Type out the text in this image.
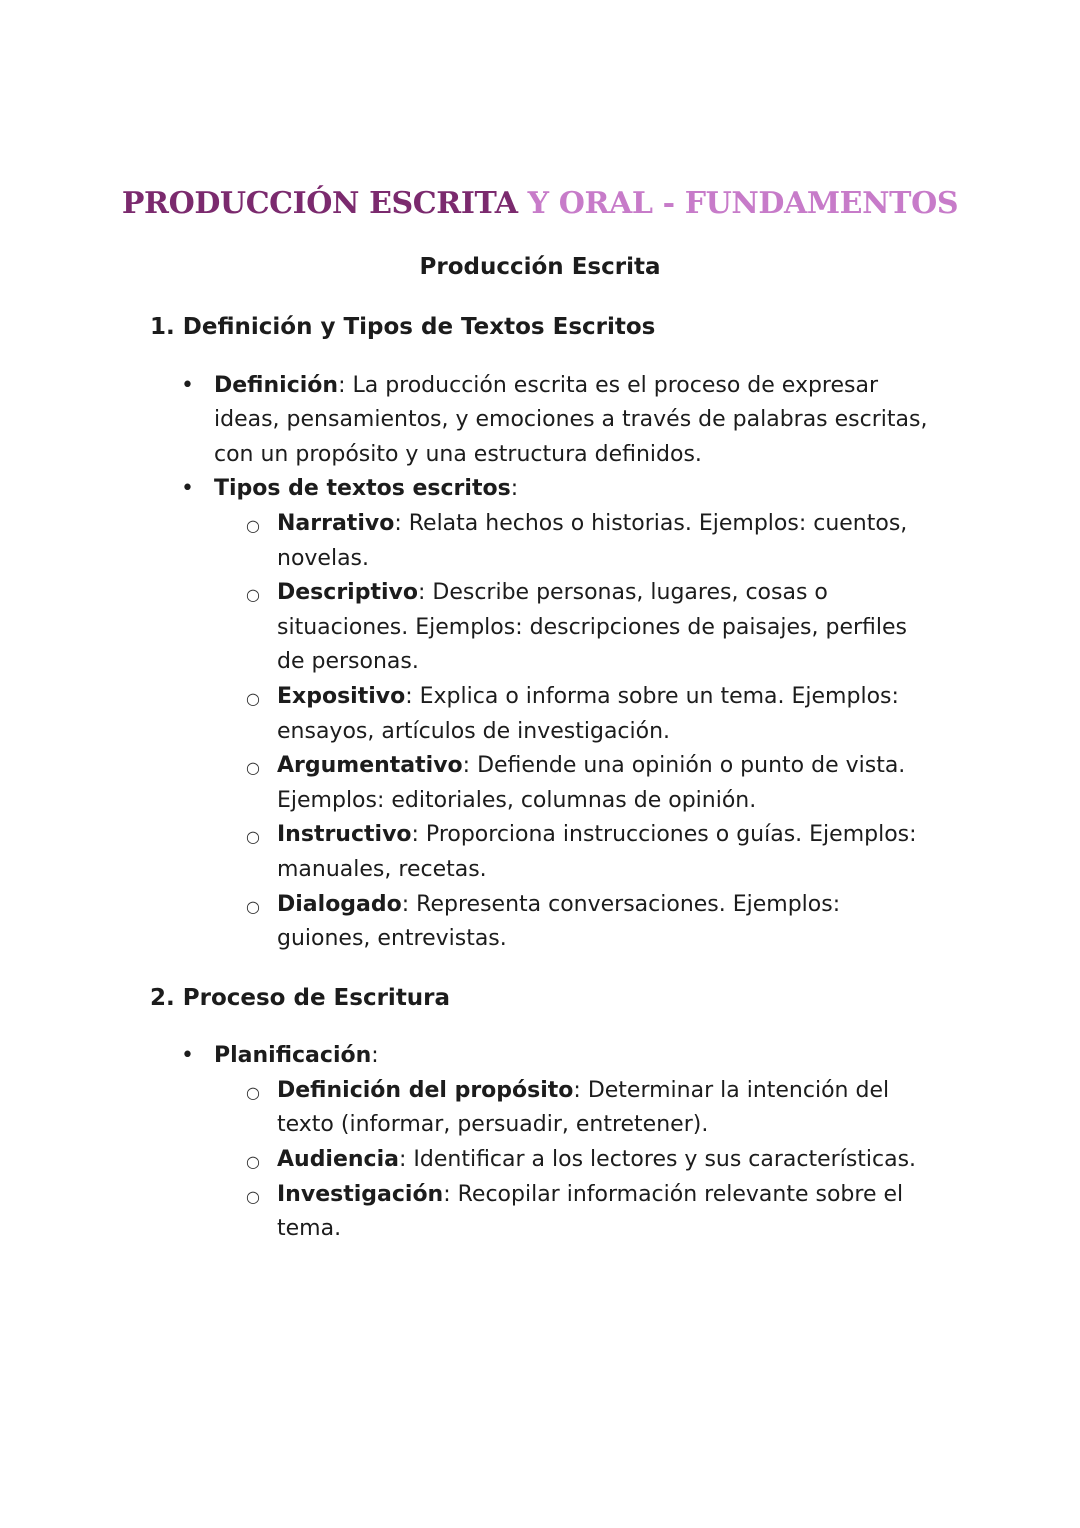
PRODUCCIÓN ESCRITA Y ORAL - FUNDAMENTOS
Producción Escrita
1. Definición y Tipos de Textos Escritos
• Definición: La producción escrita es el proceso de expresar ideas, pensamientos, y emociones a través de palabras escritas, con un propósito y una estructura definidos.
• Tipos de textos escritos:
○ Narrativo: Relata hechos o historias. Ejemplos: cuentos, novelas.
○ Descriptivo: Describe personas, lugares, cosas o situaciones. Ejemplos: descripciones de paisajes, perfiles de personas.
○ Expositivo: Explica o informa sobre un tema. Ejemplos: ensayos, artículos de investigación.
○ Argumentativo: Defiende una opinión o punto de vista. Ejemplos: editoriales, columnas de opinión.
○ Instructivo: Proporciona instrucciones o guías. Ejemplos: manuales, recetas.
○ Dialogado: Representa conversaciones. Ejemplos: guiones, entrevistas.
2. Proceso de Escritura
• Planificación:
○ Definición del propósito: Determinar la intención del texto (informar, persuadir, entretener).
○ Audiencia: Identificar a los lectores y sus características.
○ Investigación: Recopilar información relevante sobre el tema.
